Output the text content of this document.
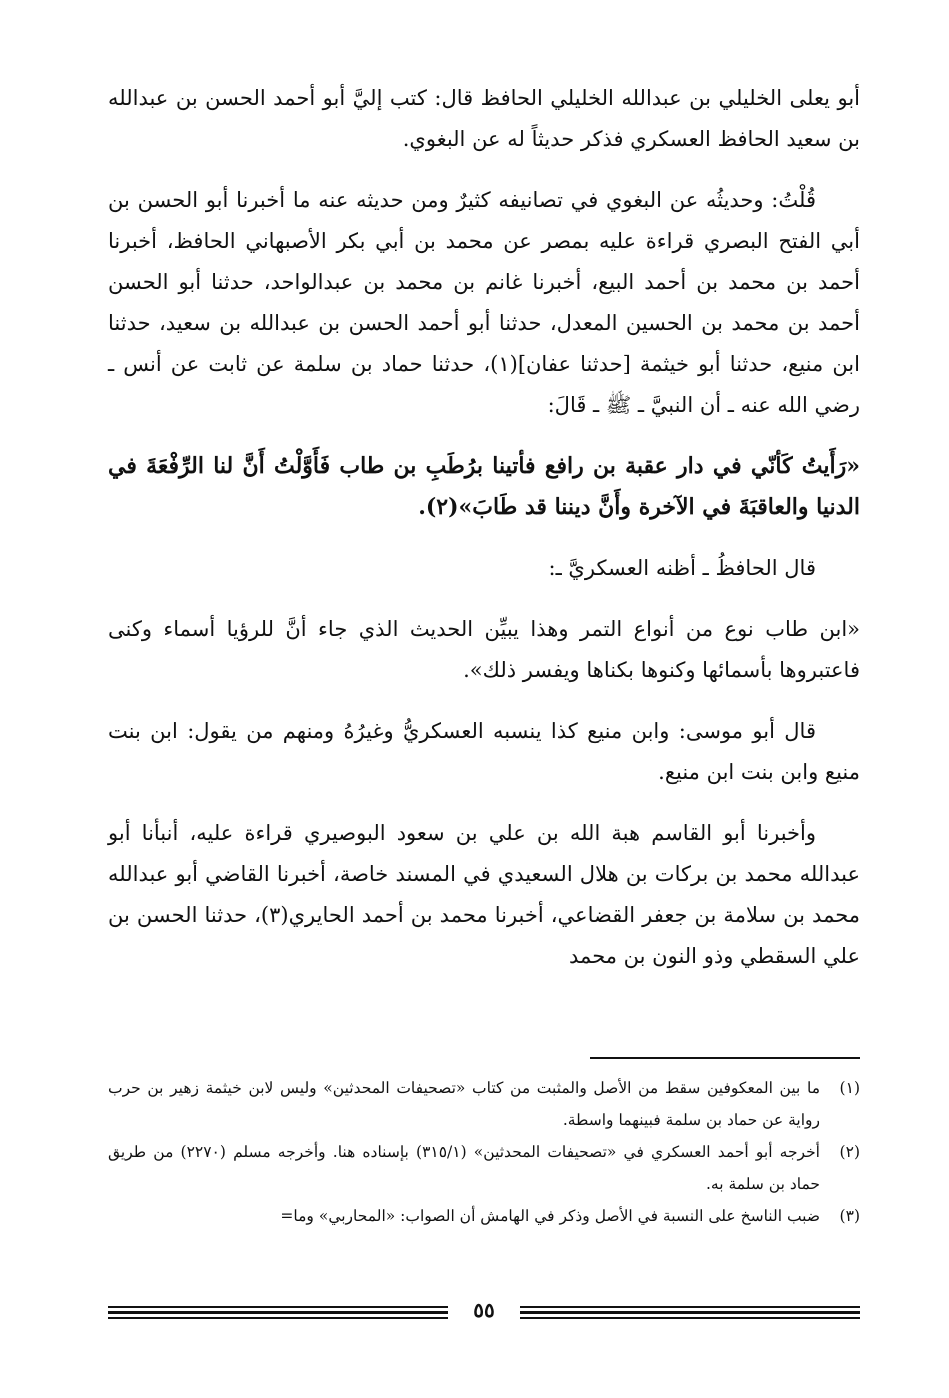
أبو يعلى الخليلي بن عبدالله الخليلي الحافظ قال: كتب إليَّ أبو أحمد الحسن بن عبدالله بن سعيد الحافظ العسكري فذكر حديثاً له عن البغوي.

قُلْتُ: وحديثُه عن البغوي في تصانيفه كثيرٌ ومن حديثه عنه ما أخبرنا أبو الحسن بن أبي الفتح البصري قراءة عليه بمصر عن محمد بن أبي بكر الأصبهاني الحافظ، أخبرنا أحمد بن محمد بن أحمد البيع، أخبرنا غانم بن محمد بن عبدالواحد، حدثنا أبو الحسن أحمد بن محمد بن الحسين المعدل، حدثنا أبو أحمد الحسن بن عبدالله بن سعيد، حدثنا ابن منيع، حدثنا أبو خيثمة [حدثنا عفان](١)، حدثنا حماد بن سلمة عن ثابت عن أنس ـ رضي الله عنه ـ أن النبيَّ ـ ﷺ ـ قَالَ:

«رَأَيتُ كَأنّي في دار عقبة بن رافع فأتينا برُطَبِ بن طاب فَأَوَّلْتُ أَنَّ لنا الرِّفْعَةَ في الدنيا والعاقبَةَ في الآخرة وأَنَّ ديننا قد طَابَ»(٢).

قال الحافظُ ـ أظنه العسكريَّ ـ:

«ابن طاب نوع من أنواع التمر وهذا يبيِّن الحديث الذي جاء أنَّ للرؤيا أسماء وكنى فاعتبروها بأسمائها وكنوها بكناها ويفسر ذلك».

قال أبو موسى: وابن منيع كذا ينسبه العسكريُّ وغيرُهُ ومنهم من يقول: ابن بنت منيع وابن بنت ابن منيع.

وأخبرنا أبو القاسم هبة الله بن علي بن سعود البوصيري قراءة عليه، أنبأنا أبو عبدالله محمد بن بركات بن هلال السعيدي في المسند خاصة، أخبرنا القاضي أبو عبدالله محمد بن سلامة بن جعفر القضاعي، أخبرنا محمد بن أحمد الحايري(٣)، حدثنا الحسن بن علي السقطي وذو النون بن محمد

(١)
ما بين المعكوفين سقط من الأصل والمثبت من كتاب «تصحيفات المحدثين» وليس لابن خيثمة زهير بن حرب رواية عن حماد بن سلمة فبينهما واسطة.

(٢)
أخرجه أبو أحمد العسكري في «تصحيفات المحدثين» (٣١٥/١) بإسناده هنا. وأخرجه مسلم (٢٢٧٠) من طريق حماد بن سلمة به.

(٣)
ضبب الناسخ على النسبة في الأصل وذكر في الهامش أن الصواب: «المحاربي» وما=

٥٥
